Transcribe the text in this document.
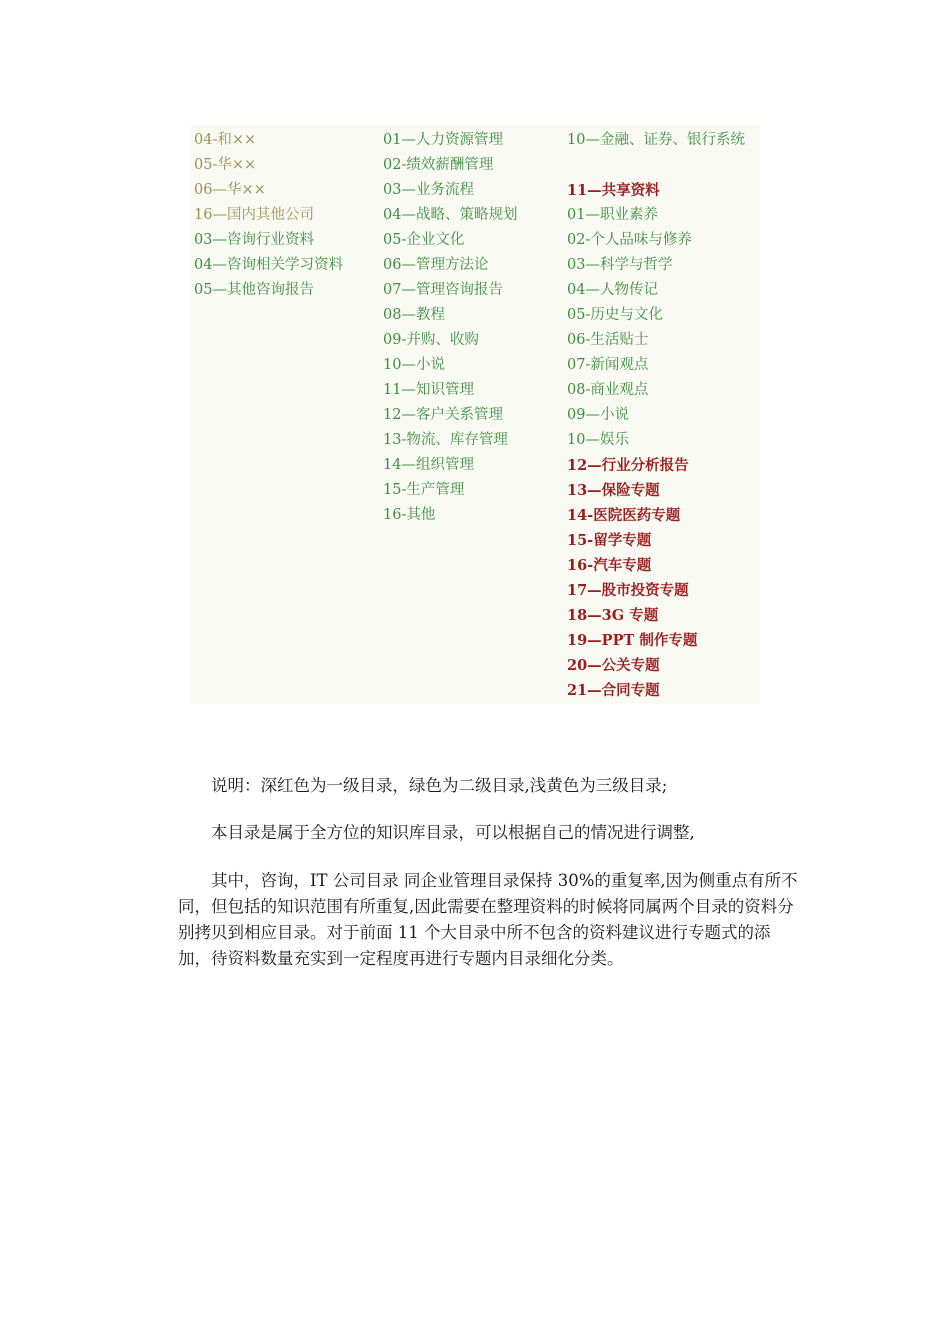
04-和××
05-华××
06—华××
16—国内其他公司
03—咨询行业资料
04—咨询相关学习资料
05—其他咨询报告
01—人力资源管理
02-绩效薪酬管理
03—业务流程
04—战略、策略规划
05-企业文化
06—管理方法论
07—管理咨询报告
08—教程
09-并购、收购
10—小说
11—知识管理
12—客户关系管理
13-物流、库存管理
14—组织管理
15-生产管理
16-其他
10—金融、证券、银行系统
11—共享资料
01—职业素养
02-个人品味与修养
03—科学与哲学
04—人物传记
05-历史与文化
06-生活贴士
07-新闻观点
08-商业观点
09—小说
10—娱乐
12—行业分析报告
13—保险专题
14-医院医药专题
15-留学专题
16-汽车专题
17—股市投资专题
18—3G 专题
19—PPT 制作专题
20—公关专题
21—合同专题
说明：深红色为一级目录，绿色为二级目录,浅黄色为三级目录;
本目录是属于全方位的知识库目录，可以根据自己的情况进行调整,
其中，咨询，IT 公司目录 同企业管理目录保持 30%的重复率,因为侧重点有所不同，但包括的知识范围有所重复,因此需要在整理资料的时候将同属两个目录的资料分别拷贝到相应目录。对于前面 11 个大目录中所不包含的资料建议进行专题式的添加，待资料数量充实到一定程度再进行专题内目录细化分类。
